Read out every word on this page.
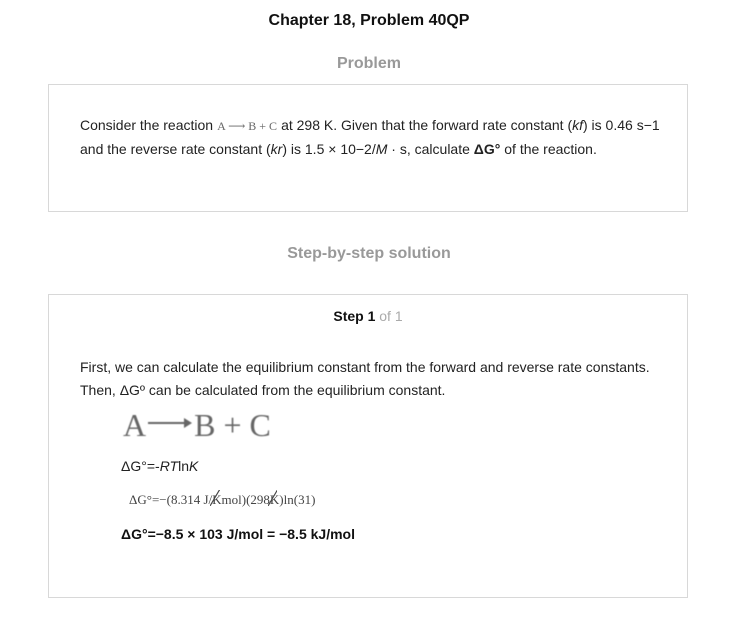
Chapter 18, Problem 40QP
Problem
Consider the reaction A ⟶ B + C at 298 K. Given that the forward rate constant (kf) is 0.46 s−1 and the reverse rate constant (kr) is 1.5 × 10−2/M · s, calculate ΔG° of the reaction.
Step-by-step solution
Step 1 of 1
First, we can calculate the equilibrium constant from the forward and reverse rate constants. Then, ΔGº can be calculated from the equilibrium constant.
A → B + C
ΔG°=-RTlnK
ΔG°=−(8.314 J/K
mol)(298K
)ln(31)
ΔG°=−8.5 × 103 J/mol = −8.5 kJ/mol
